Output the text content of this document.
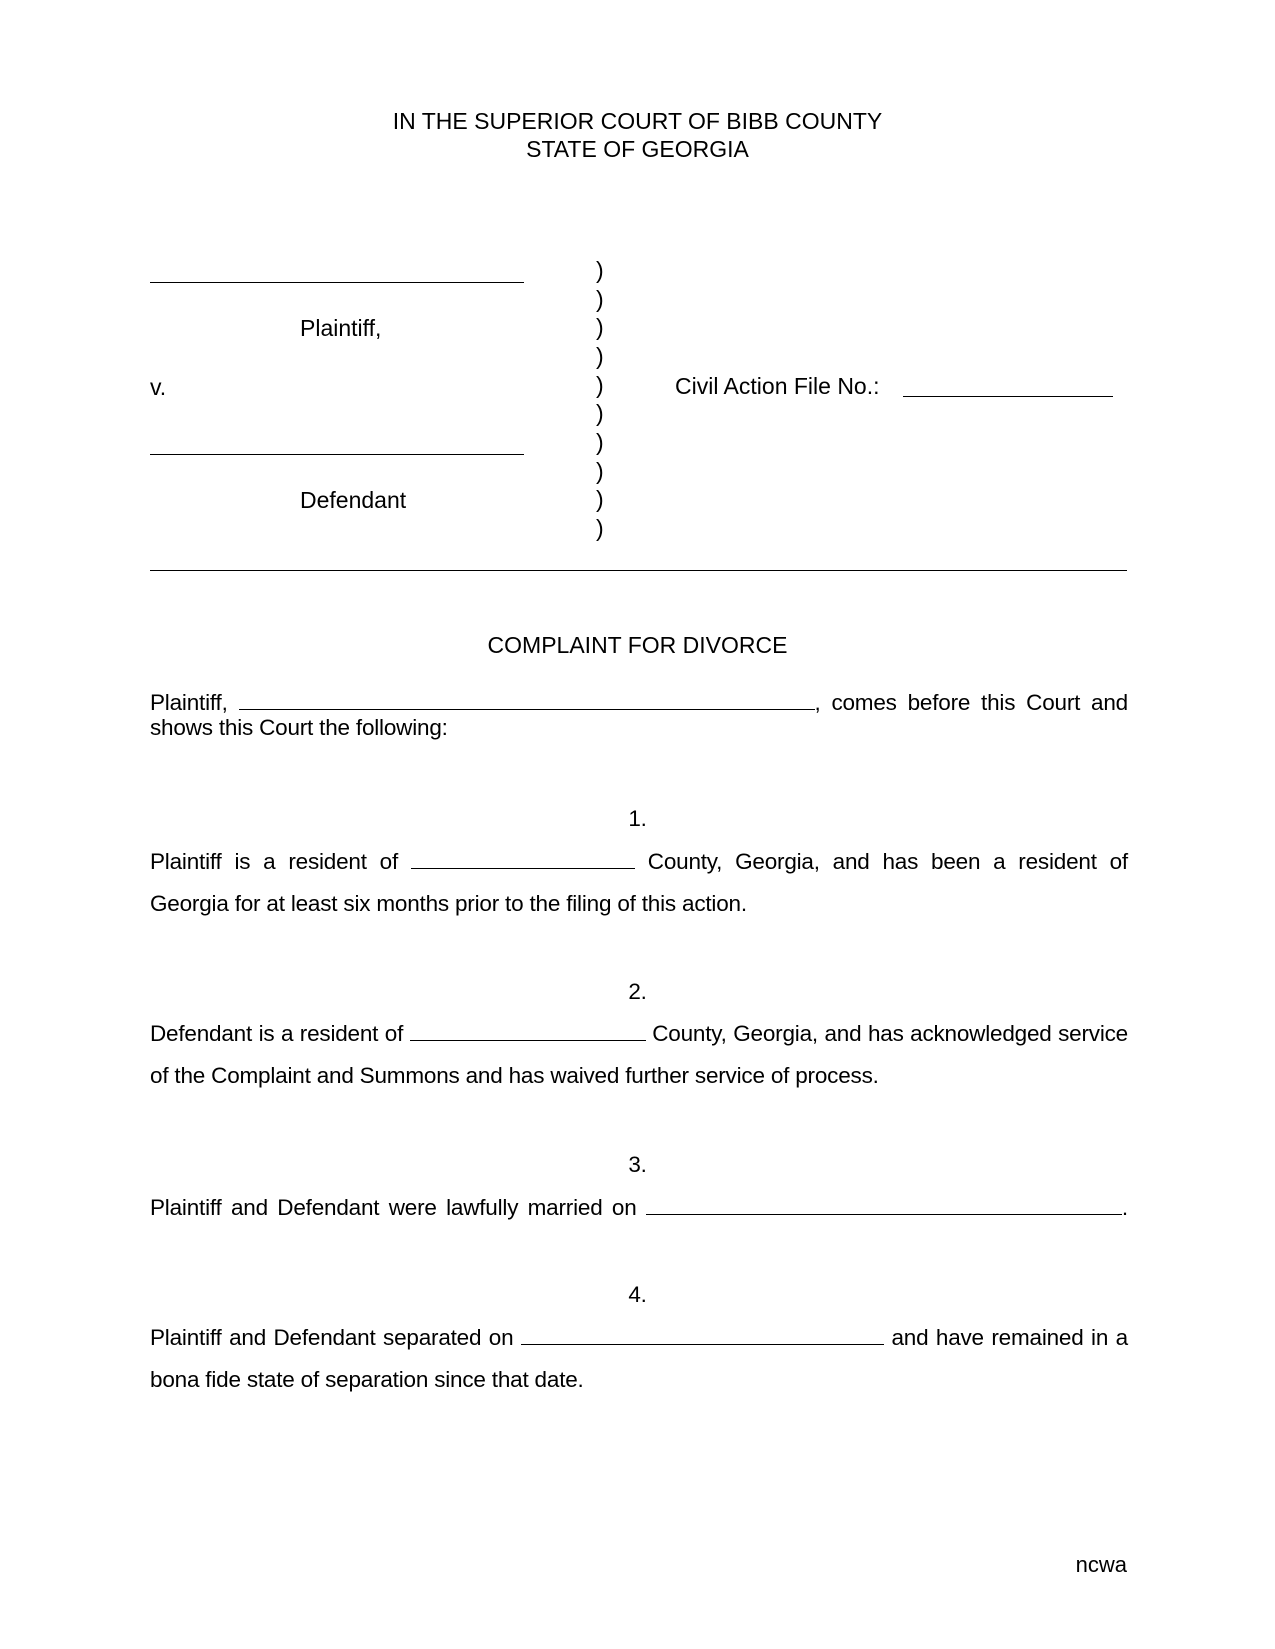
IN THE SUPERIOR COURT OF BIBB COUNTY
STATE OF GEORGIA
Plaintiff,
v.
Defendant
)
)
)
)
)
)
)
)
)
)
Civil Action File No.:
COMPLAINT FOR DIVORCE
Plaintiff,	, comes before this Court and
shows this Court the following:
1.
Plaintiff is a resident of	County, Georgia, and has been a resident of
Georgia for at least six months prior to the filing of this action.
2.
Defendant is a resident of	County, Georgia, and has acknowledged service
of the Complaint and Summons and has waived further service of process.
3.
Plaintiff and Defendant were lawfully married on	.
4.
Plaintiff and Defendant separated on	and have remained in a
bona fide state of separation since that date.
ncwa
